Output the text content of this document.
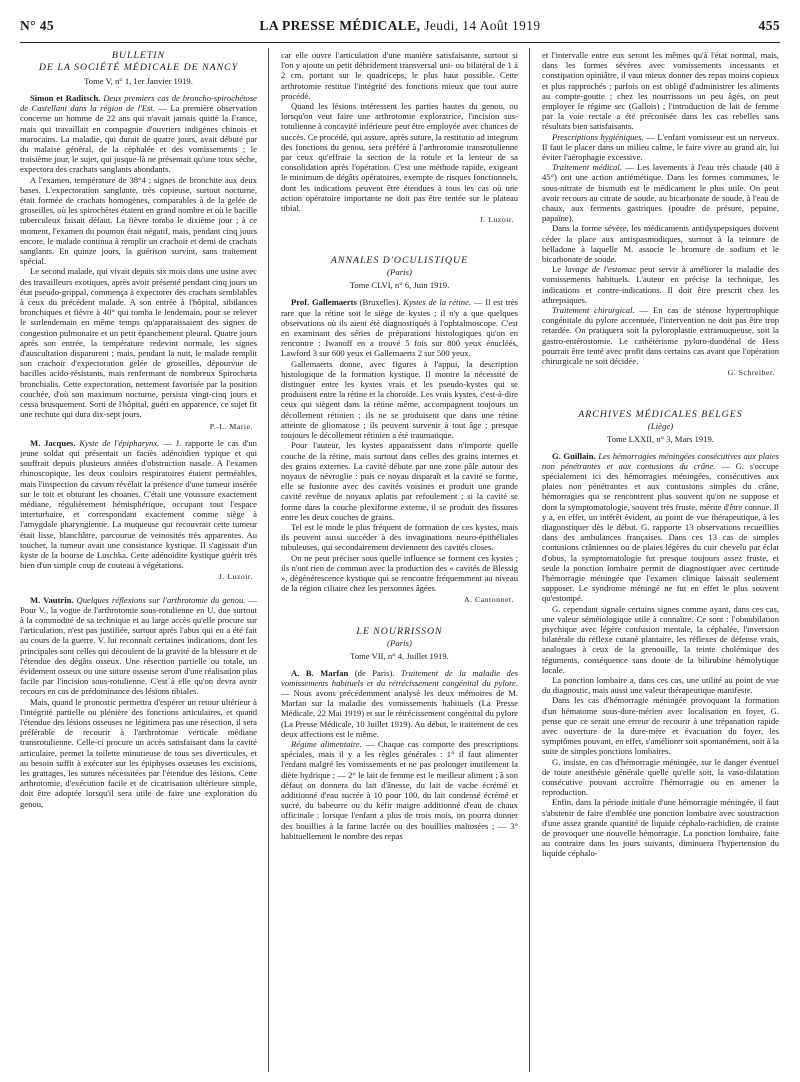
N° 45	LA PRESSE MÉDICALE, Jeudi, 14 Août 1919	455
BULLETIN
DE LA SOCIÉTÉ MÉDICALE DE NANCY
Tome V, n° 1, 1er Janvier 1919.

Simon et Raditsch. Deux premiers cas de broncho-spirochétose de Castellani dans la région de l'Est. — La première observation concerne un homme de 22 ans qui n'avait jamais quitté la France, mais qui travaillait en compagnie d'ouvriers indigènes chinois et marocains. La maladie, qui durait de quatre jours, avait débuté par du malaise général, de la céphalée et des vomissements ; le troisième jour, le sujet, qui jusque-là ne présentait qu'une toux sèche, expectora des crachats sanglants abondants.

A l'examen, température de 38°4 ; signes de bronchite aux deux bases. L'expectoration sanglante, très copieuse, surtout nocturne, était formée de crachats homogènes, comparables à de la gelée de groseilles, où les spirochètes étaient en grand nombre et où le bacille tuberculeux faisait défaut. La fièvre tomba le dixième jour ; à ce moment, l'examen du poumon était négatif, mais, pendant cinq jours encore, le malade continua à remplir un crachoir et demi de crachats sanglants. En quinze jours, la guérison survint, sans traitement spécial.

Le second malade, qui vivait depuis six mois dans une usine avec des travailleurs exotiques, après avoir présenté pendant cinq jours un état pseudo-grippal, commença à expectorer des crachats semblables à ceux du précédent malade. A son entrée à l'hôpital, sibilances bronchiques et fièvre à 40° qui tomba le lendemain, pour se relever le surlendemain en même temps qu'apparaissaient des signes de congestion pulmonaire et un petit épanchement pleural. Quatre jours après son entrée, la température redevint normale, les signes d'auscultation disparurent ; mais, pendant la nuit, le malade remplit son crachoir d'expectoration gelée de groseilles, dépourvue de bacilles acido-résistants, mais renfermant de nombreux Spirochæta bronchialis. Cette expectoration, nettement favorisée par la position couchée, d'où son maximum nocturne, persista vingt-cinq jours et cessa brusquement. Sorti de l'hôpital, guéri en apparence, ce sujet fit une rechute qui dura dix-sept jours.

P.-L. Marie.

M. Jacques. Kyste de l'épipharynx. — J. rapporte le cas d'un jeune soldat qui présentait un faciès adénoïdien typique et qui souffrait depuis plusieurs années d'obstruction nasale. A l'examen rhinoscopique, les deux couloirs respiratoires étaient perméables, mais l'inspection du cavum révélait la présence d'une tumeur insérée sur le toit et obturant les choanes. C'était une voussure exactement médiane, régulièrement hémisphérique, occupant tout l'espace interturbaire, et correspondant exactement comme siège à l'amygdale pharyngienne. La muqueuse qui recouvrait cette tumeur était lisse, blanchâtre, parcourue de veinosités très apparentes. Au toucher, la tumeur avait une consistance kystique. Il s'agissait d'un kyste de la bourse de Luschka. Cette adénoïdite kystique guérit très bien d'un simple coup de couteau à végétations.

J. Luzoir.

M. Vautrin. Quelques réflexions sur l'arthrotomie du genou. — Pour V., la vogue de l'arthrotomie sous-rotulienne en U, due surtout à la commodité de sa technique et au large accès qu'elle procure sur l'articulation, n'est pas justifiée, surtout après l'abus qui en a été fait au cours de la guerre. V. lui reconnaît certaines indications, dont les principales sont celles qui découlent de la gravité de la blessure et de l'étendue des dégâts osseux. Une résection partielle ou totale, un évidement osseux ou une suture osseuse seront d'une réalisation plus facile par l'incision sous-rotulienne. C'est à elle qu'on devra avoir recours en cas de prédominance des lésions tibiales.

Mais, quand le pronostic permettra d'espérer un retour ultérieur à l'intégrité partielle ou plénière des fonctions articulaires, et quand l'étendue des lésions osseuses ne légitimera pas une résection, il sera préférable de recourir à l'arthrotomie verticale médiane transrotulienne. Celle-ci procure un accès satisfaisant dans la cavité articulaire, permet la toilette minutieuse de tous ses diverticules, et au besoin suffit à exécuter sur les épiphyses osseuses les excisions, les grattages, les sutures nécessitées par l'étendue des lésions. Cette arthrotomie, d'exécution facile et de cicatrisation ultérieure simple, doit être adoptée lorsqu'il sera utile de faire une exploration du genou,

car elle ouvre l'articulation d'une manière satisfaisante, surtout si l'on y ajoute un petit débridement transversal uni- ou bilatéral de 1 à 2 cm. portant sur le quadriceps, le plus haut possible. Cette arthrotomie restitue l'intégrité des fonctions mieux que tout autre procédé.

Quand les lésions intéressent les parties hautes du genou, ou lorsqu'on veut faire une arthrotomie exploratrice, l'incision sus-rotulienne à concavité inférieure peut être employée avec chances de succès. Ce procédé, qui assure, après suture, la restitutio ad integrum des fonctions du genou, sera préféré à l'arthrotomie transrotulienne par ceux qu'effraie la section de la rotule et la lenteur de sa consolidation après l'opération. C'est une méthode rapide, exigeant le minimum de dégâts opératoires, exempte de risques fonctionnels, dont les indications peuvent être étendues à tous les cas où une action opératoire importante ne doit pas être tentée sur le plateau tibial.

J. Luzoir.
ANNALES D'OCULISTIQUE
(Paris)
Tome CLVI, n° 6, Juin 1919.

Prof. Gallemaerts (Bruxelles). Kystes de la rétine. — Il est très rare que la rétine soit le siège de kystes ; il n'y a que quelques observations où ils aient été diagnostiqués à l'ophtalmoscope. C'est en examinant des séries de préparations histologiques qu'on en rencontre : Iwanoff en a trouvé 5 fois sur 800 yeux énucléés, Lawford 3 sur 600 yeux et Gallemaerts 2 sur 500 yeux.

Gallemaerts donne, avec figures à l'appui, la description histologique de la formation kystique. Il montre la nécessité de distinguer entre les kystes vrais et les pseudo-kystes qui se produisent entre la rétine et la choroïde. Les vrais kystes, c'est-à-dire ceux qui siègent dans la rétine même, accompagnent toujours un décollement rétinien ; ils ne se produisent que dans une rétine atteinte de gliomatose ; ils peuvent survenir à tout âge ; presque toujours le décollement rétinien a été traumatique.

Pour l'auteur, les kystes apparaissent dans n'importe quelle couche de la rétine, mais surtout dans celles des grains internes et des grains externes. La cavité débute par une zone pâle autour des noyaux de névroglie : puis ce noyau disparaît et la cavité se forme, elle se fusionne avec des cavités voisines et produit une grande cavité revêtue de noyaux aplatis par refoulement ; si la cavité se forme dans la couche plexiforme externe, il se produit des fissures entre les deux couches de grains.

Tel est le mode le plus fréquent de formation de ces kystes, mais ils peuvent aussi succéder à des invaginations neuro-épithéliales tubuleuses, qui secondairement deviennent des cavités closes.

On ne peut préciser sous quelle influence se forment ces kystes ; ils n'ont rien de commun avec la production des « cavités de Blessig », dégénérescence kystique qui se rencontre fréquemment au niveau de la région ciliaire chez les personnes âgées.

A. Cantonnet.
LE NOURRISSON
(Paris)
Tome VII, n° 4, Juillet 1919.

A. B. Marfan (de Paris). Traitement de la maladie des vomissements habituels et du rétrécissement congénital du pylore. — Nous avons précédemment analysé les deux mémoires de M. Marfan sur la maladie des vomissements habituels (La Presse Médicale, 22 Mai 1919) et sur le rétrécissement congénital du pylore (La Presse Médicale, 10 Juillet 1919). Au début, le traitement de ces deux affections est le même.

Régime alimentaire. — Chaque cas comporte des prescriptions spéciales, mais il y a les règles générales : 1° il faut alimenter l'enfant malgré les vomissements et ne pas prolonger inutilement la diète hydrique ; — 2° le lait de femme est le meilleur aliment ; à son défaut on donnera du lait d'ânesse, du lait de vache écrémé et additionné d'eau sucrée à 10 pour 100, du lait condensé écrémé et sucré, du babeurre ou du kéfir maigre additionné d'eau de chaux officinale : lorsque l'enfant a plus de trois mois, on pourra donner des bouillies à la farine lactée ou des bouillies maltosées ; — 3° habituellement le nombre des repas

et l'intervalle entre eux seront les mêmes qu'à l'état normal, mais, dans les formes sévères avec vomissements incessants et constipation opiniâtre, il vaut mieux donner des repas moins copieux et plus rapprochés ; parfois on est obligé d'administrer les aliments au compte-goutte ; chez les nourrissons un peu âgés, on peut employer le régime sec (Gallois) ; l'introduction de lait de femme par la voie rectale a été préconisée dans les cas rebelles sans résultats bien satisfaisants.

Prescriptions hygiéniques. — L'enfant vomisseur est un nerveux. Il faut le placer dans un milieu calme, le faire vivre au grand air, lui éviter l'aérophagie excessive.

Traitement médical. — Les lavements à l'eau très chaude (40 à 45°) ont une action antiémétique. Dans les formes communes, le sous-nitrate de bismuth est le médicament le plus utile. On peut avoir recours au citrate de soude, au bicarbonate de soude, à l'eau de chaux, aux ferments gastriques (poudre de présure, pepsine, papaïne).

Dans la forme sévère, les médicaments antidyspepsiques doivent céder la place aux antispasmodiques, surtout à la teinture de belladone à laquelle M. associe le bromure de sodium et le bicarbonate de soude.

Le lavage de l'estomac peut servir à améliorer la maladie des vomissements habituels. L'auteur en précise la technique, les indications et contre-indications. Il doit être prescrit chez les athrepsiques.

Traitement chirurgical. — En cas de sténose hypertrophique congénitale du pylore accentuée, l'intervention ne doit pas être trop retardée. On pratiquera soit la pyloroplastie extramuqueuse, soit la gastro-entérostomie. Le cathétérisme pyloro-duodénal de Hess pourrait être tenté avec profit dans certains cas avant que l'opération chirurgicale ne soit décidée.

G. Schreiber.
ARCHIVES MÉDICALES BELGES
(Liège)
Tome LXXII, n° 3, Mars 1919.

G. Guillain. Les hémorragies méningées consécutives aux plaies non pénétrantes et aux contusions du crâne. — G. s'occupe spécialement ici des hémorragies méningées, consécutives aux plaies non pénétrantes et aux contusions simples du crâne, hémorragies qui se rencontrent plus souvent qu'on ne suppose et dont la symptomatologie, souvent très fruste, mérite d'être connue. Il y a, en effet, un intérêt évident, au point de vue thérapeutique, à les diagnostiquer dès le début. G. rapporte 13 observations recueillies dans des ambulances françaises. Dans ces 13 cas de simples contusions crâniennes ou de plaies légères du cuir chevelu par éclat d'obus, la symptomatologie fut presque toujours assez fruste, et seule la ponction lombaire permit de diagnostiquer avec certitude l'hémorragie méningée que l'examen clinique laissait seulement supposer. Le syndrome méningé ne fut en effet le plus souvent qu'estompé.

G. cependant signale certains signes comme ayant, dans ces cas, une valeur séméiologique utile à connaître. Ce sont : l'obnubilation psychique avec légère confusion mentale, la céphalée, l'inversion bilatérale du réflexe cutané plantaire, les réflexes de défense vrais, analogues à ceux de la grenouille, la teinte cholémique des téguments, conséquence sans doute de la bilirubine hémolytique locale.

La ponction lombaire a, dans ces cas, une utilité au point de vue du diagnostic, mais aussi une valeur thérapeutique manifeste.

Dans les cas d'hémorragie méningée provoquant la formation d'un hématome sous-dure-mérien avec localisation en foyer, G. pense que ce serait une erreur de recourir à une trépanation rapide avec ouverture de la dure-mère et évacuation du foyer, les symptômes pouvant, en effet, s'améliorer soit spontanément, soit à la suite de simples ponctions lombaires.

G. insiste, en cas d'hémorragie méningée, sur le danger éventuel de toute anesthésie générale quelle qu'elle soit, la vaso-dilatation consécutive pouvant accroître l'hémorragie ou en amener la reproduction.

Enfin, dans la période initiale d'une hémorragie méningée, il faut s'abstenir de faire d'emblée une ponction lombaire avec soustraction d'une assez grande quantité de liquide céphalo-rachidien, de crainte de provoquer une nouvelle hémorragie. La ponction lombaire, faite au contraire dans les jours suivants, diminuera l'hypertension du liquide céphalo-
